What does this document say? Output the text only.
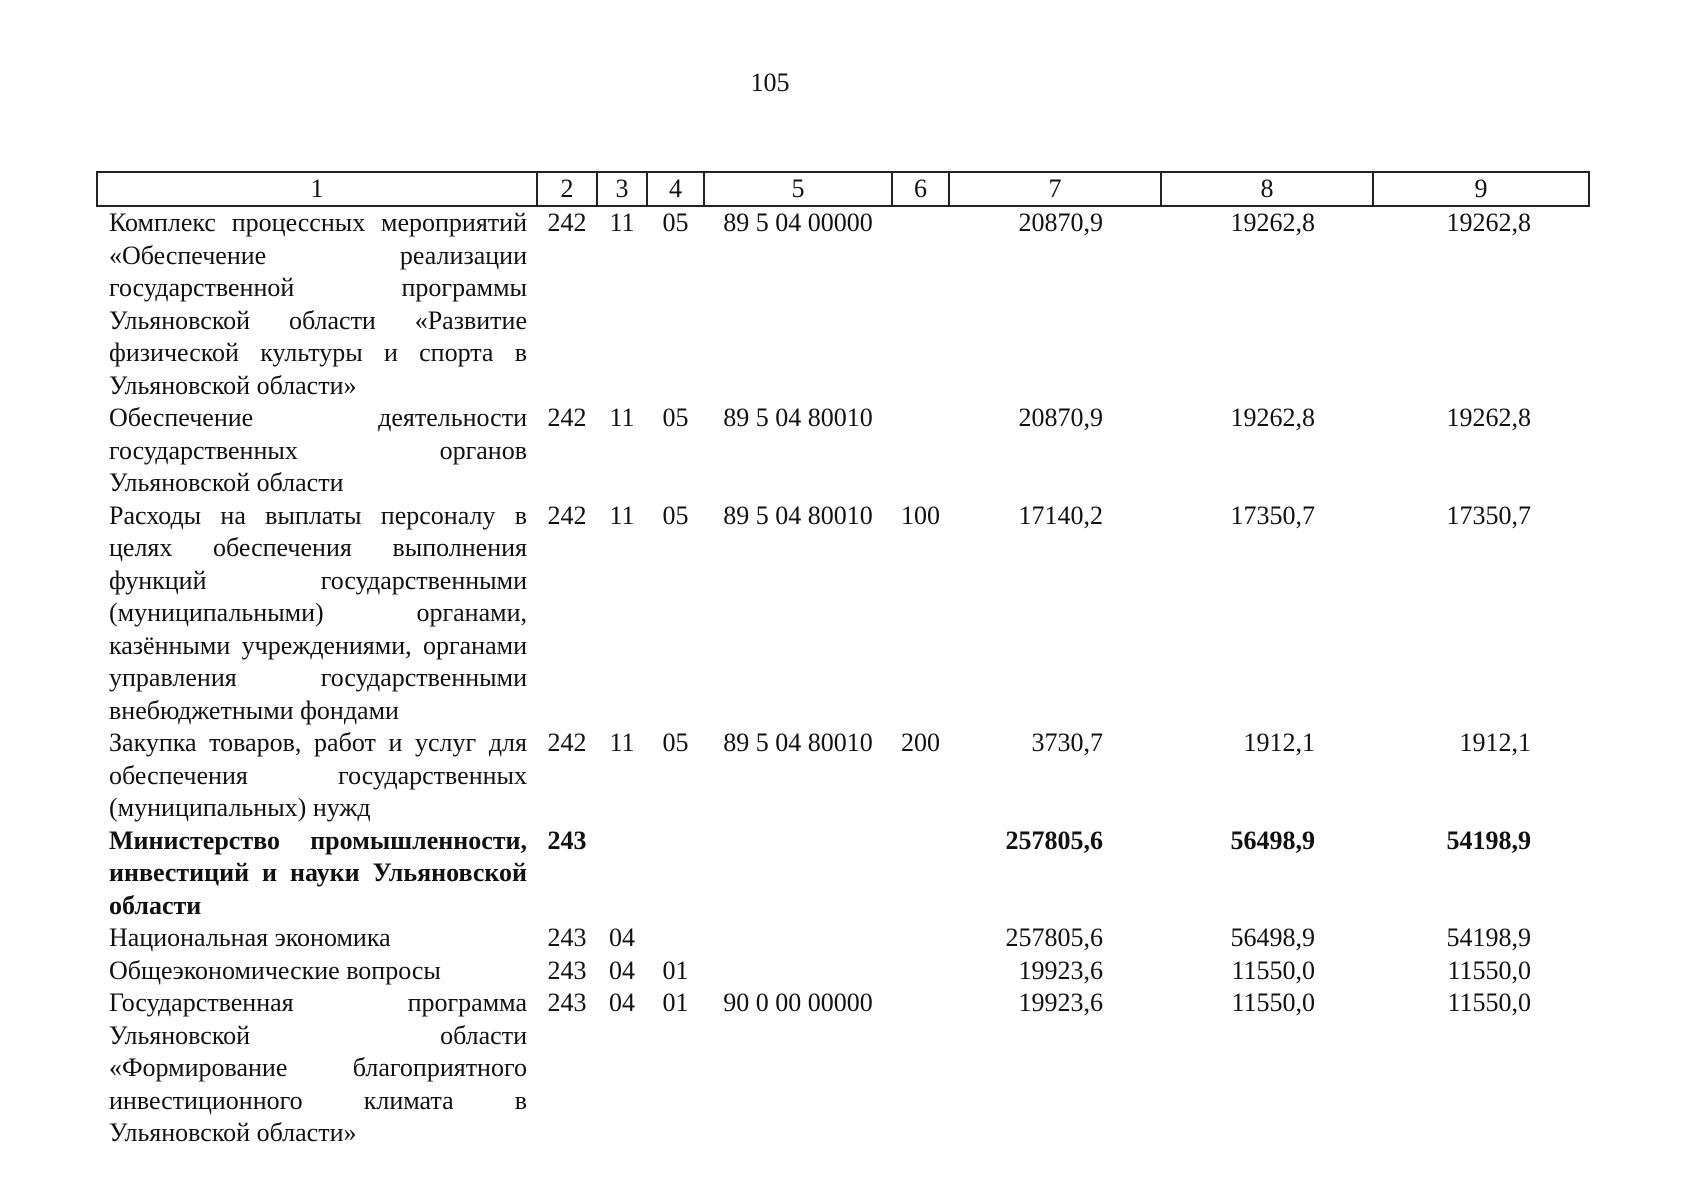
105
1	2	3	4	5	6	7	8	9
Комплекс процессных мероприятий «Обеспечение реализации государственной программы Ульяновской области «Развитие физической культуры и спорта в Ульяновской области»	242	11	05	89 5 04 00000		20870,9	19262,8	19262,8
Обеспечение деятельности государственных органов Ульяновской области	242	11	05	89 5 04 80010		20870,9	19262,8	19262,8
Расходы на выплаты персоналу в целях обеспечения выполнения функций государственными (муниципальными) органами, казёнными учреждениями, органами управления государственными внебюджетными фондами	242	11	05	89 5 04 80010	100	17140,2	17350,7	17350,7
Закупка товаров, работ и услуг для обеспечения государственных (муниципальных) нужд	242	11	05	89 5 04 80010	200	3730,7	1912,1	1912,1
Министерство промышленности, инвестиций и науки Ульяновской области	243					257805,6	56498,9	54198,9
Национальная экономика	243	04				257805,6	56498,9	54198,9
Общеэкономические вопросы	243	04	01			19923,6	11550,0	11550,0
Государственная программа Ульяновской области «Формирование благоприятного инвестиционного климата в Ульяновской области»	243	04	01	90 0 00 00000		19923,6	11550,0	11550,0
